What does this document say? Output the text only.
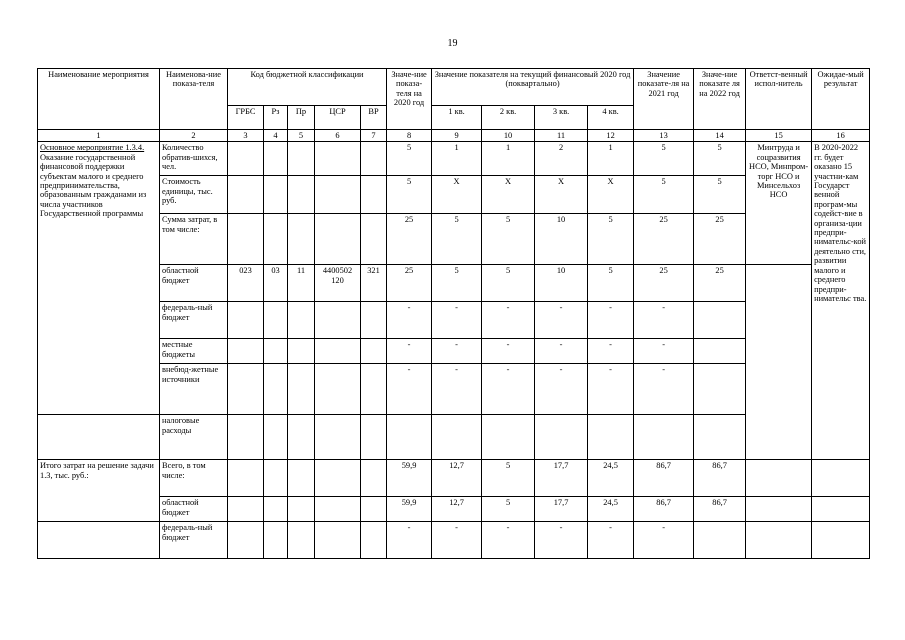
19
Наименование мероприятия	Наименова-ние показа-теля	Код бюджетной классификации					Значе-ние показа-теля на 2020 год	Значение показателя на текущий финансовый 2020 год (поквартально)				Значение показате-ля на 2021 год	Значе-ние показате ля на 2022 год	Ответст-венный испол-нитель	Ожидае-мый результат
		ГРБС	Рз	Пр	ЦСР	ВР		1 кв.	2 кв.	3 кв.	4 кв.				
1	2	3	4	5	6	7	8	9	10	11	12	13	14	15	16
Основное мероприятие 1.3.4.
Оказание государственной финансовой поддержки субъектам малого и среднего предпринимательства, образованным гражданами из числа участников Государственной программы	Количество обратив-шихся, чел.						5	1	1	2	1	5	5	Минтруда и соцразвития НСО, Минпром-торг НСО и Минсельхоз НСО	В 2020-2022 гг. будет оказано 15 участни-кам Государст венной програм-мы содейст-вие в организа-ции предпри-нимательс-кой деятельно сти, развитии малого и среднего предпри-нимательс тва.
	Стоимость единицы, тыс. руб.						5	Х	Х	Х	Х	5	5		
	Сумма затрат, в том числе:						25	5	5	10	5	25	25		
	областной бюджет	023	03	11	4400502 120	321	25	5	5	10	5	25	25		
	федераль-ный бюджет						-	-	-	-	-	-			
	местные бюджеты						-	-	-	-	-	-			
	внебюд-жетные источники						-	-	-	-	-	-			
	налоговые расходы														
Итого затрат на решение задачи 1.3, тыс. руб.:	Всего, в том числе:						59,9	12,7	5	17,7	24,5	86,7	86,7		
	областной бюджет						59,9	12,7	5	17,7	24,5	86,7	86,7		
	федераль-ный бюджет						-	-	-	-	-	-			
